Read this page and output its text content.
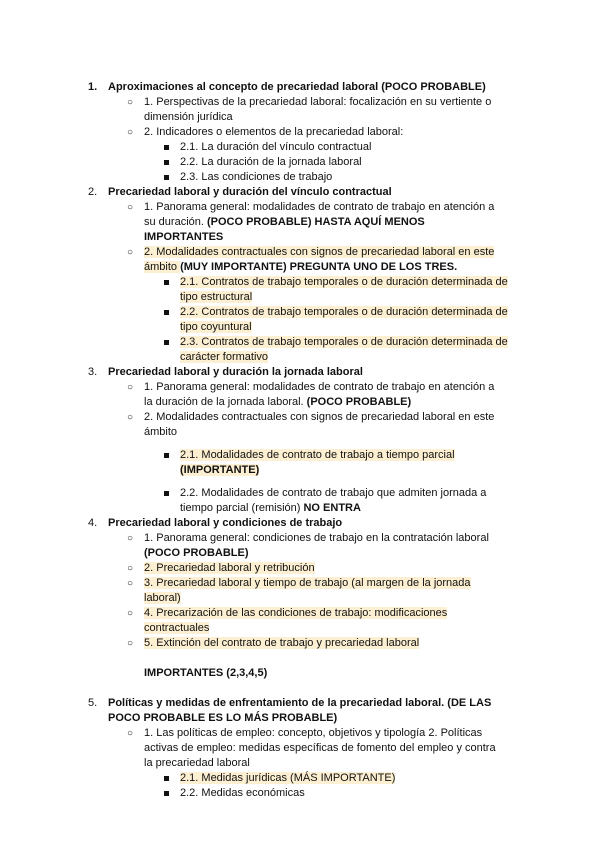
1. Aproximaciones al concepto de precariedad laboral (POCO PROBABLE)
○ 1. Perspectivas de la precariedad laboral: focalización en su vertiente o dimensión jurídica
○ 2. Indicadores o elementos de la precariedad laboral:
2.1. La duración del vínculo contractual
2.2. La duración de la jornada laboral
2.3. Las condiciones de trabajo
2. Precariedad laboral y duración del vínculo contractual
○ 1. Panorama general: modalidades de contrato de trabajo en atención a su duración. (POCO PROBABLE) HASTA AQUÍ MENOS IMPORTANTES
○ 2. Modalidades contractuales con signos de precariedad laboral en este ámbito (MUY IMPORTANTE) PREGUNTA UNO DE LOS TRES.
2.1. Contratos de trabajo temporales o de duración determinada de tipo estructural
2.2. Contratos de trabajo temporales o de duración determinada de tipo coyuntural
2.3. Contratos de trabajo temporales o de duración determinada de carácter formativo
3. Precariedad laboral y duración la jornada laboral
○ 1. Panorama general: modalidades de contrato de trabajo en atención a la duración de la jornada laboral. (POCO PROBABLE)
○ 2. Modalidades contractuales con signos de precariedad laboral en este ámbito
2.1. Modalidades de contrato de trabajo a tiempo parcial (IMPORTANTE)
2.2. Modalidades de contrato de trabajo que admiten jornada a tiempo parcial (remisión) NO ENTRA
4. Precariedad laboral y condiciones de trabajo
○ 1. Panorama general: condiciones de trabajo en la contratación laboral (POCO PROBABLE)
○ 2. Precariedad laboral y retribución
○ 3. Precariedad laboral y tiempo de trabajo (al margen de la jornada laboral)
○ 4. Precarización de las condiciones de trabajo: modificaciones contractuales
○ 5. Extinción del contrato de trabajo y precariedad laboral
IMPORTANTES (2,3,4,5)
5. Políticas y medidas de enfrentamiento de la precariedad laboral. (DE LAS POCO PROBABLE ES LO MÁS PROBABLE)
○ 1. Las políticas de empleo: concepto, objetivos y tipología 2. Políticas activas de empleo: medidas específicas de fomento del empleo y contra la precariedad laboral
2.1. Medidas jurídicas (MÁS IMPORTANTE)
2.2. Medidas económicas
